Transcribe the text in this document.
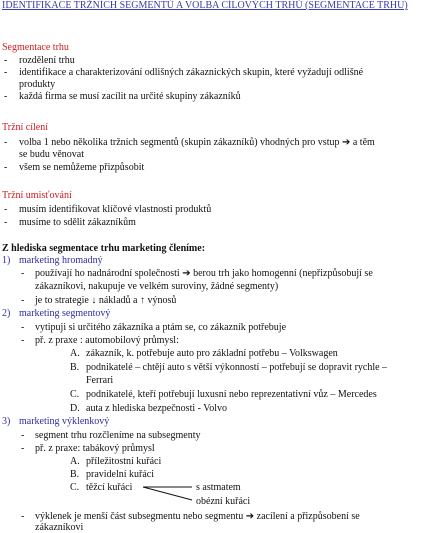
IDENTIFIKACE TRŽNÍCH SEGMENTŮ A VOLBA CÍLOVÝCH TRHŮ (SEGMENTACE TRHU)
Segmentace trhu
- rozdělení trhu
- identifikace a charakterizování odlišných zákaznických skupin, které vyžadují odlišné
produkty
- každá firma se musí zacílit na určité skupiny zákazníků
Tržní cílení
- volba 1 nebo několika tržních segmentů (skupin zákazníků) vhodných pro vstup ➔ a těm
se budu věnovat
- všem se nemůžeme přizpůsobit
Tržní umisťování
- musím identifikovat klíčové vlastnosti produktů
- musíme to sdělit zákazníkům
Z hlediska segmentace trhu marketing členíme:
1) marketing hromadný
- používají ho nadnárodní společnosti ➔ berou trh jako homogenní (nepřizpůsobují se
zákazníkovi, nakupuje ve velkém suroviny, žádné segmenty)
- je to strategie ↓ nákladů a ↑ výnosů
2) marketing segmentový
- vytipuji si určitého zákazníka a ptám se, co zákazník potřebuje
- př. z praxe : automobilový průmysl:
A. zákazník, k. potřebuje auto pro základní potřebu – Volkswagen
B. podnikatelé – chtějí auto s větší výkonností – potřebují se dopravit rychle –
Ferrari
C. podnikatelé, kteří potřebují luxusní nebo reprezentativní vůz – Mercedes
D. auta z hlediska bezpečnosti - Volvo
3) marketing výklenkový
- segment trhu rozčleníme na subsegmenty
- př. z praxe: tabákový průmysl
A. příležitostní kuřáci
B. pravidelní kuřáci
C. těžcí kuřáci	s astmatem
obézní kuřáci
- výklenek je menší část subsegmentu nebo segmentu ➔ zacílení a přizpůsobení se
zákazníkovi
